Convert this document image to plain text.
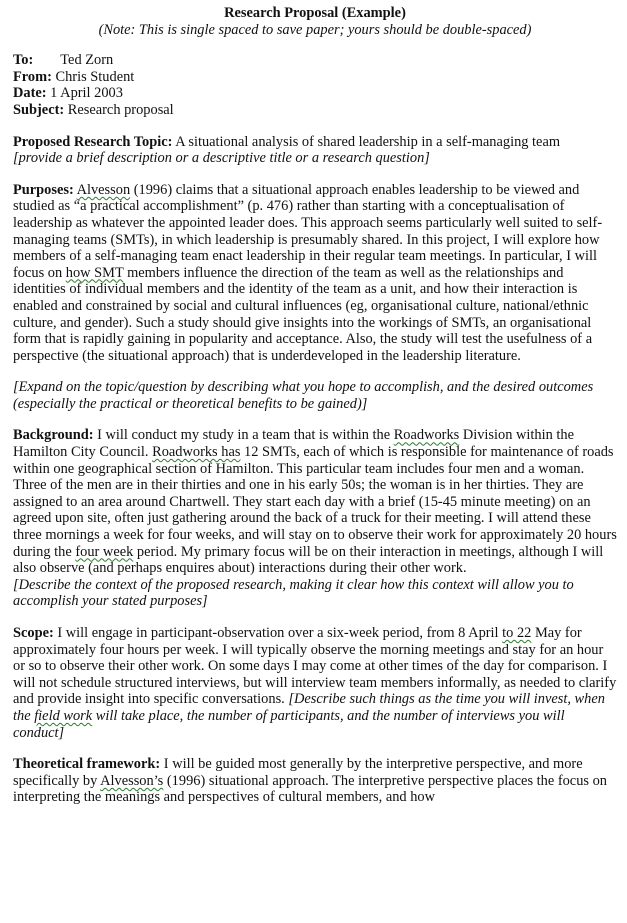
Research Proposal (Example)
(Note: This is single spaced to save paper; yours should be double-spaced)
To: Ted Zorn
From: Chris Student
Date: 1 April 2003
Subject: Research proposal

Proposed Research Topic: A situational analysis of shared leadership in a self-managing team

[provide a brief description or a descriptive title or a research question]

Purposes: Alvesson (1996) claims that a situational approach enables leadership to be viewed and studied as “a practical accomplishment” (p. 476) rather than starting with a conceptualisation of leadership as whatever the appointed leader does. This approach seems particularly well suited to self-managing teams (SMTs), in which leadership is presumably shared. In this project, I will explore how members of a self-managing team enact leadership in their regular team meetings. In particular, I will focus on how SMT members influence the direction of the team as well as the relationships and identities of individual members and the identity of the team as a unit, and how their interaction is enabled and constrained by social and cultural influences (eg, organisational culture, national/ethnic culture, and gender). Such a study should give insights into the workings of SMTs, an organisational form that is rapidly gaining in popularity and acceptance. Also, the study will test the usefulness of a perspective (the situational approach) that is underdeveloped in the leadership literature.

[Expand on the topic/question by describing what you hope to accomplish, and the desired outcomes (especially the practical or theoretical benefits to be gained)]

Background: I will conduct my study in a team that is within the Roadworks Division within the Hamilton City Council. Roadworks has 12 SMTs, each of which is responsible for maintenance of roads within one geographical section of Hamilton. This particular team includes four men and a woman. Three of the men are in their thirties and one in his early 50s; the woman is in her thirties. They are assigned to an area around Chartwell. They start each day with a brief (15-45 minute meeting) on an agreed upon site, often just gathering around the back of a truck for their meeting. I will attend these three mornings a week for four weeks, and will stay on to observe their work for approximately 20 hours during the four week period. My primary focus will be on their interaction in meetings, although I will also observe (and perhaps enquires about) interactions during their other work.

[Describe the context of the proposed research, making it clear how this context will allow you to accomplish your stated purposes]

Scope: I will engage in participant-observation over a six-week period, from 8 April to 22 May for approximately four hours per week. I will typically observe the morning meetings and stay for an hour or so to observe their other work. On some days I may come at other times of the day for comparison. I will not schedule structured interviews, but will interview team members informally, as needed to clarify and provide insight into specific conversations. [Describe such things as the time you will invest, when the field work will take place, the number of participants, and the number of interviews you will conduct]

Theoretical framework: I will be guided most generally by the interpretive perspective, and more specifically by Alvesson’s (1996) situational approach. The interpretive perspective places the focus on interpreting the meanings and perspectives of cultural members, and how
